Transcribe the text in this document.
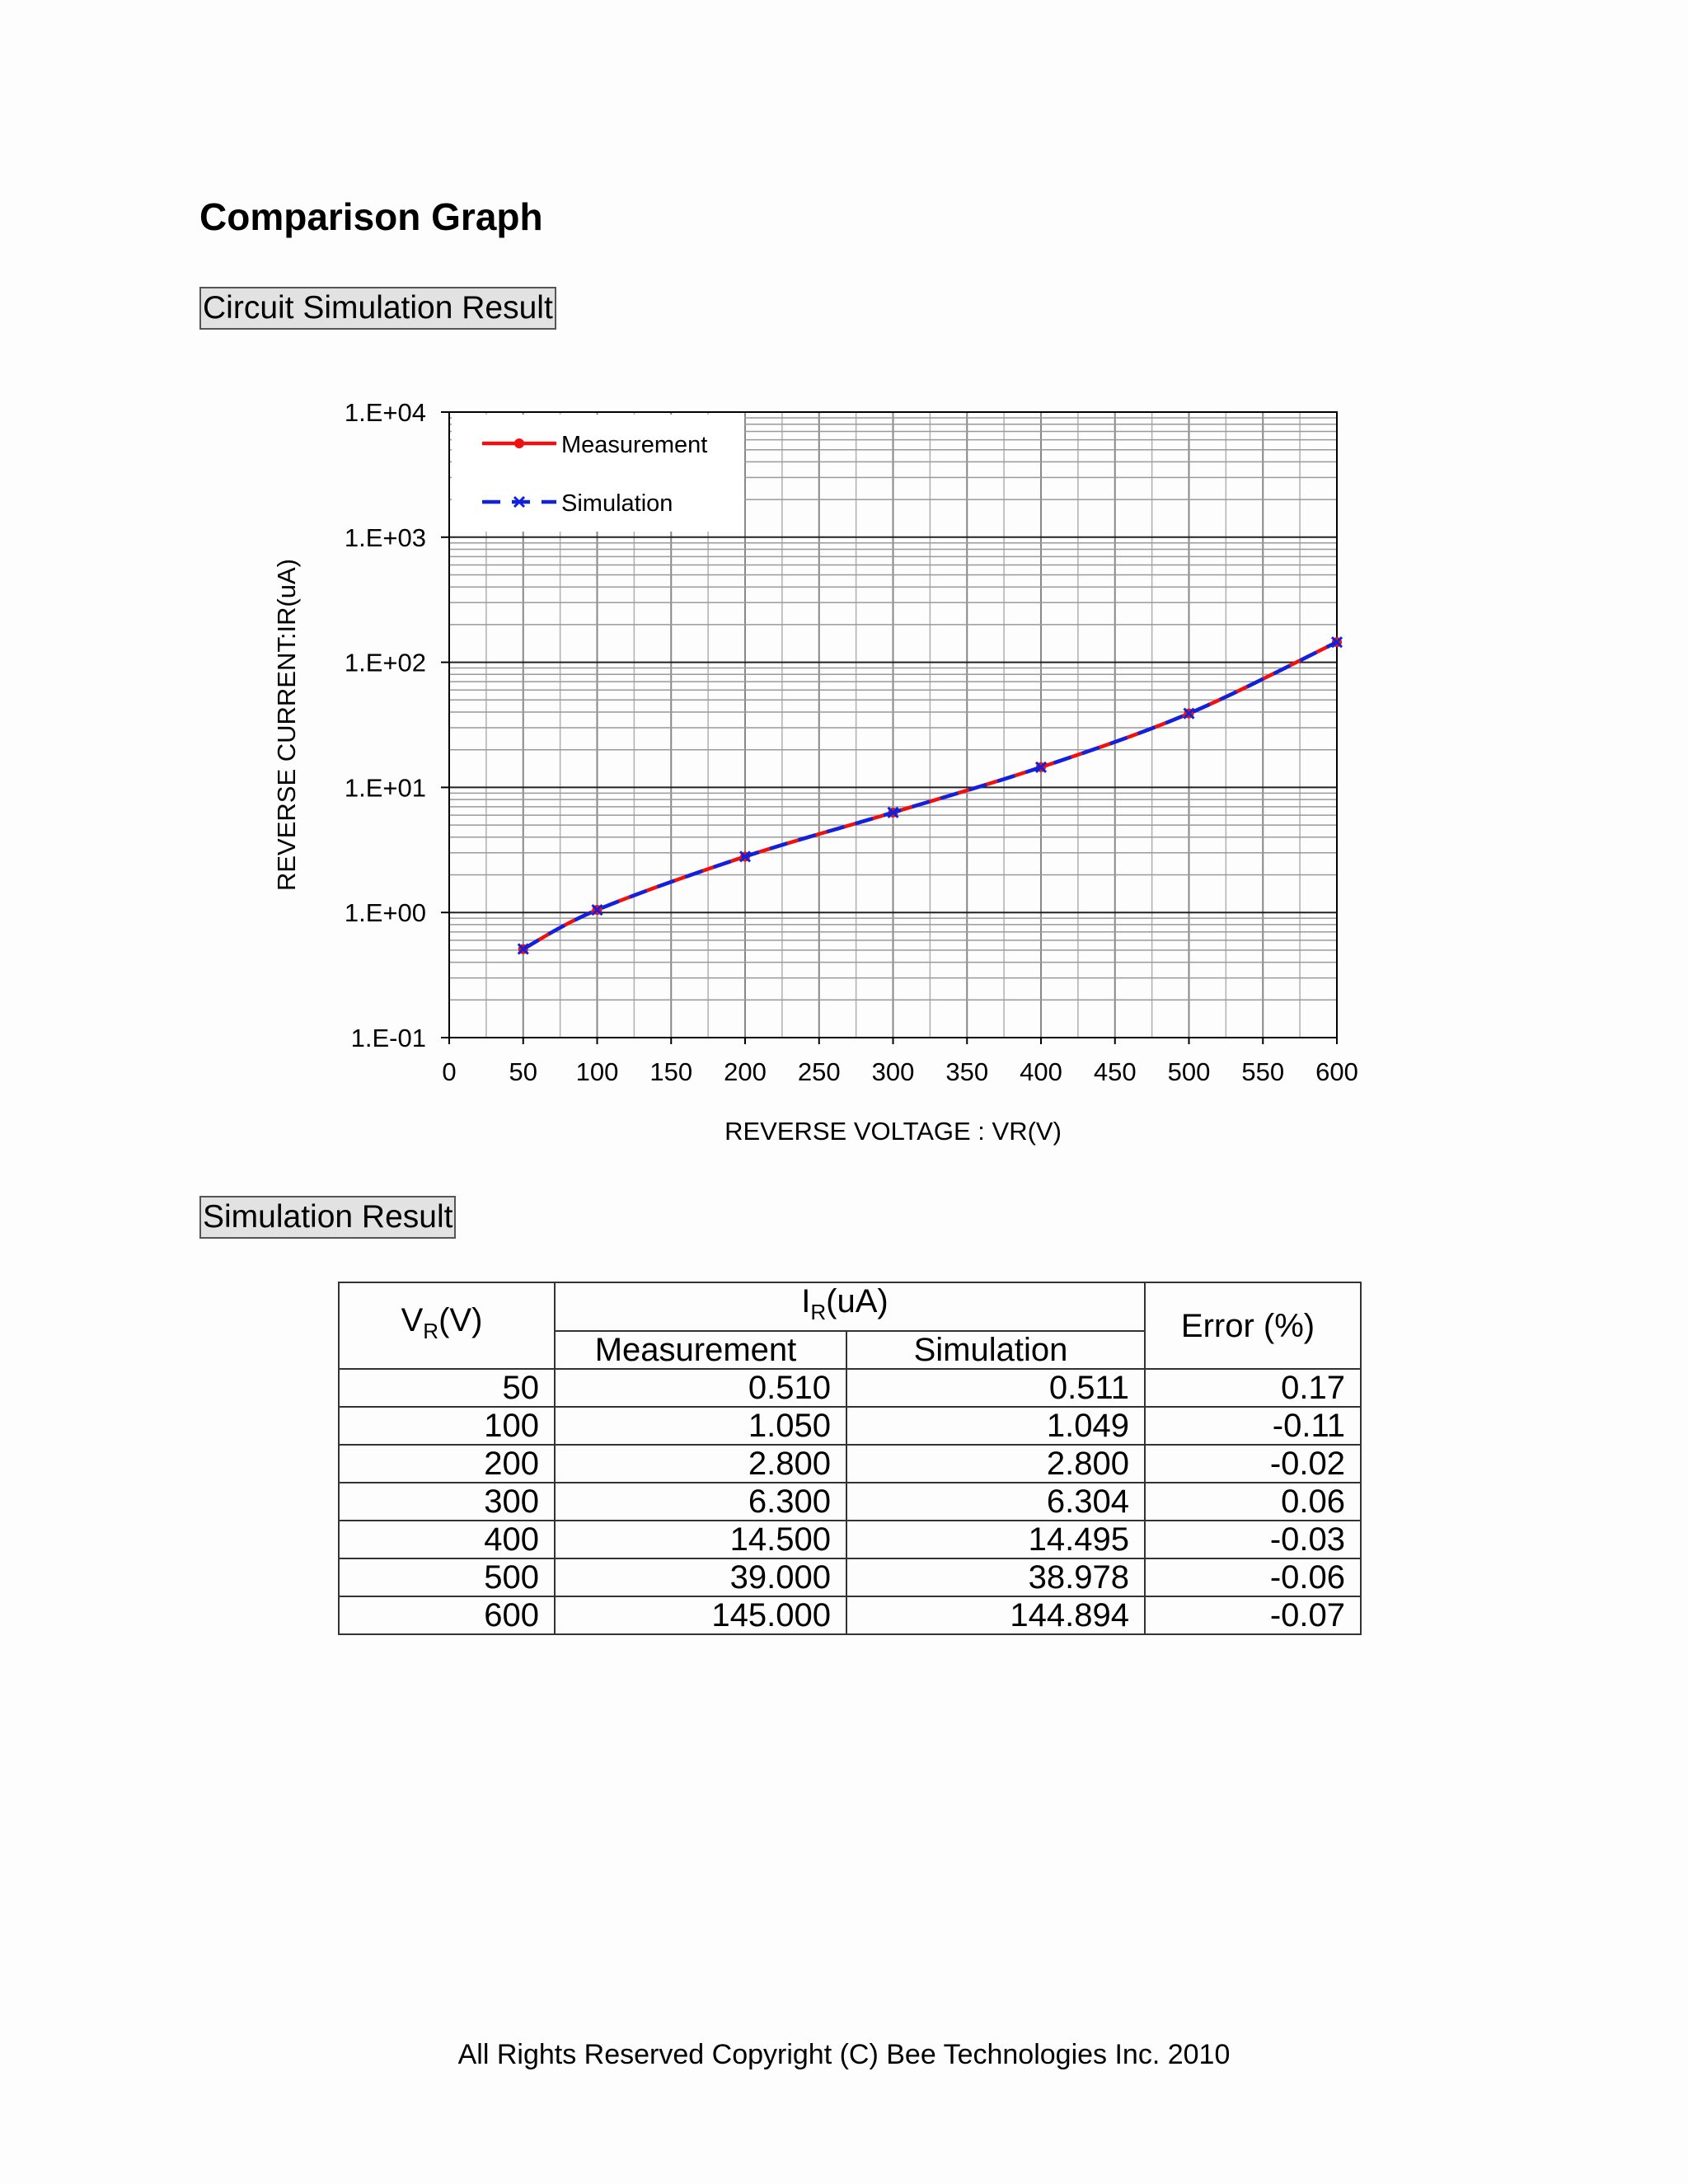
Comparison Graph
Circuit Simulation Result
0 50 100 150 200 250 300 350 400 450 500 550 600
1.E-01
1.E+00
1.E+01
1.E+02
1.E+03
1.E+04
Measurement
Simulation
REVERSE VOLTAGE : VR(V)
REVERSE CURRENT:IR(uA)
Simulation Result
$V_R(V)$	$I_R(uA)$		Error (%)
	Measurement	Simulation	
50	0.510	0.511	0.17
100	1.050	1.049	-0.11
200	2.800	2.800	-0.02
300	6.300	6.304	0.06
400	14.500	14.495	-0.03
500	39.000	38.978	-0.06
600	145.000	144.894	-0.07
All Rights Reserved Copyright (C) Bee Technologies Inc. 2010
